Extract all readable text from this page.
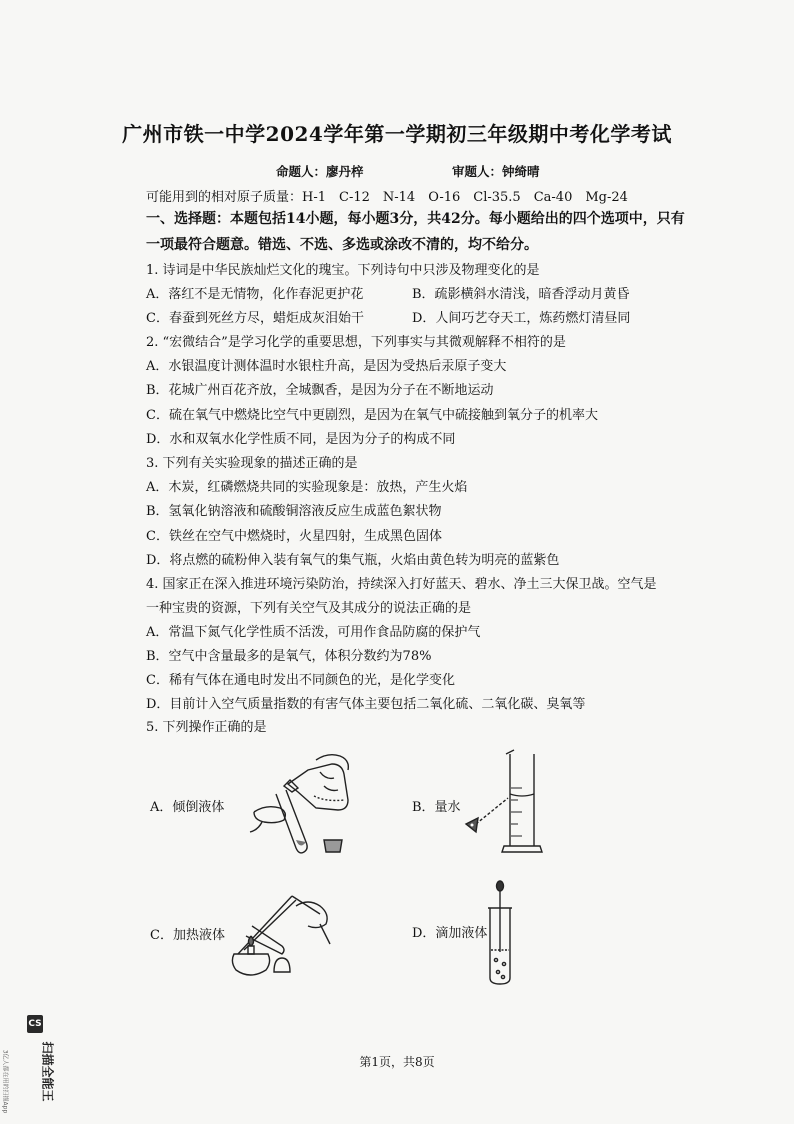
广州市铁一中学2024学年第一学期初三年级期中考化学考试
命题人：廖丹梓	审题人：钟绮晴
可能用到的相对原子质量：H-1　C-12　N-14　O-16　Cl-35.5　Ca-40　Mg-24
一、选择题：本题包括14小题，每小题3分，共42分。每小题给出的四个选项中，只有
一项最符合题意。错选、不选、多选或涂改不清的，均不给分。
1. 诗词是中华民族灿烂文化的瑰宝。下列诗句中只涉及物理变化的是
A．落红不是无情物，化作春泥更护花	B．疏影横斜水清浅，暗香浮动月黄昏
C．春蚕到死丝方尽，蜡炬成灰泪始干	D．人间巧艺夺天工，炼药燃灯清昼同
2. “宏微结合”是学习化学的重要思想，下列事实与其微观解释不相符的是
A．水银温度计测体温时水银柱升高，是因为受热后汞原子变大
B．花城广州百花齐放，全城飘香，是因为分子在不断地运动
C．硫在氧气中燃烧比空气中更剧烈，是因为在氧气中硫接触到氧分子的机率大
D．水和双氧水化学性质不同，是因为分子的构成不同
3. 下列有关实验现象的描述正确的是
A．木炭，红磷燃烧共同的实验现象是：放热，产生火焰
B．氢氧化钠溶液和硫酸铜溶液反应生成蓝色絮状物
C．铁丝在空气中燃烧时，火星四射，生成黑色固体
D．将点燃的硫粉伸入装有氧气的集气瓶，火焰由黄色转为明亮的蓝紫色
4. 国家正在深入推进环境污染防治，持续深入打好蓝天、碧水、净土三大保卫战。空气是
一种宝贵的资源，下列有关空气及其成分的说法正确的是
A．常温下氮气化学性质不活泼，可用作食品防腐的保护气
B．空气中含量最多的是氧气，体积分数约为78%
C．稀有气体在通电时发出不同颜色的光，是化学变化
D．目前计入空气质量指数的有害气体主要包括二氧化硫、二氧化碳、臭氧等
5. 下列操作正确的是
A．倾倒液体	B．量水
C．加热液体	D．滴加液体
第1页，共8页
CS
扫描全能王
3亿人都在用的扫描App
